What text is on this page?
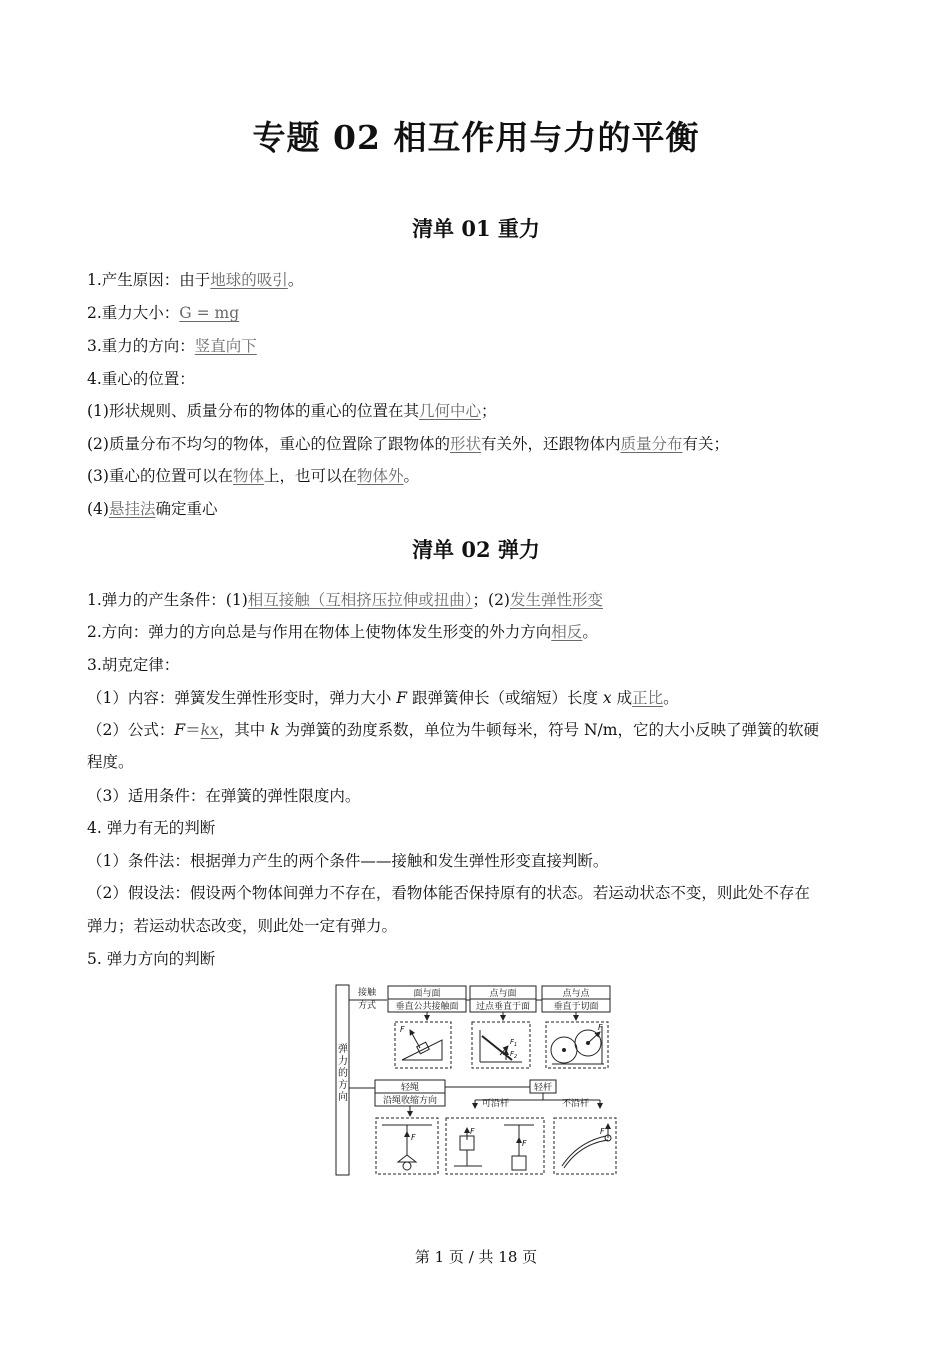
专题 02 相互作用与力的平衡
清单 01 重力
1.产生原因：由于地球的吸引。
2.重力大小：G = mg
3.重力的方向：竖直向下
4.重心的位置：
(1)形状规则、质量分布的物体的重心的位置在其几何中心；
(2)质量分布不均匀的物体，重心的位置除了跟物体的形状有关外，还跟物体内质量分布有关；
(3)重心的位置可以在物体上，也可以在物体外。
(4)悬挂法确定重心
清单 02 弹力
1.弹力的产生条件：(1)相互接触（互相挤压拉伸或扭曲）；(2)发生弹性形变
2.方向：弹力的方向总是与作用在物体上使物体发生形变的外力方向相反。
3.胡克定律：
（1）内容：弹簧发生弹性形变时，弹力大小 F 跟弹簧伸长（或缩短）长度 x 成正比。
（2）公式：F＝kx，其中 k 为弹簧的劲度系数，单位为牛顿每米，符号 N/m，它的大小反映了弹簧的软硬
程度。
（3）适用条件：在弹簧的弹性限度内。
4. 弹力有无的判断
（1）条件法：根据弹力产生的两个条件——接触和发生弹性形变直接判断。
（2）假设法：假设两个物体间弹力不存在，看物体能否保持原有的状态。若运动状态不变，则此处不存在
弹力；若运动状态改变，则此处一定有弹力。
5. 弹力方向的判断
弹
力
的
方
向
接触
方式
面与面
垂直公共接触面
点与面
过点垂直于面
点与点
垂直于切面
F
$F_1$
$F_2$
F
轻绳
沿绳收缩方向
轻杆
可沿杆	不沿杆
F
F
F
F
第 1 页 / 共 18 页
